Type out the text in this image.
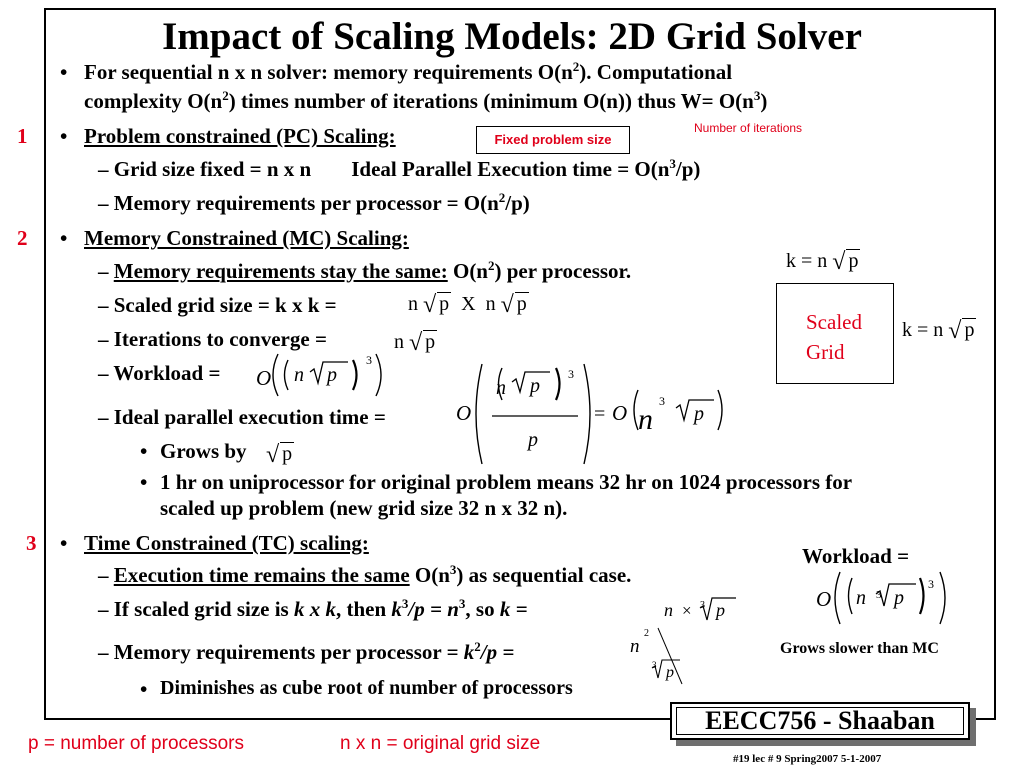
Impact of Scaling Models: 2D Grid Solver
• For sequential n x n solver: memory requirements $O(n^2)$. Computational
complexity $O(n^2)$ times number of iterations (minimum O(n)) thus $W= O(n^3)$
1 • Problem constrained (PC) Scaling:	Fixed problem size
Number of iterations
– Grid size fixed = n x n Ideal Parallel Execution time = $O(n^3/p)$
– Memory requirements per processor = $O(n^2/p)$
2 • Memory Constrained (MC) Scaling:
– Memory requirements stay the same: $O(n^2)$ per processor.	k = n √ p
– Scaled grid size = k x k =	n √ p X n √ p
Scaled Grid
k = n √ p
– Iterations to converge =	n √ p
– Workload = O n p
3
– Ideal parallel execution time =	O
n p
3
p
= O n
3
p
• Grows by √ p
• 1 hr on uniprocessor for original problem means 32 hr on 1024 processors for
scaled up problem (new grid size 32 n x 32 n).
3 • Time Constrained (TC) scaling:
Workload =
O n 3 p
3
– Execution time remains the same $O(n^3)$ as sequential case.
– If scaled grid size is k x k, then $k^3/p = n^3$, so k =	n × 3 p
– Memory requirements per processor = $k^2/p$ =
2
n
3 p
Grows slower than MC
• Diminishes as cube root of number of processors
EECC756 - Shaaban
p = number of processors	n x n = original grid size
#19 lec # 9 Spring2007 5-1-2007
